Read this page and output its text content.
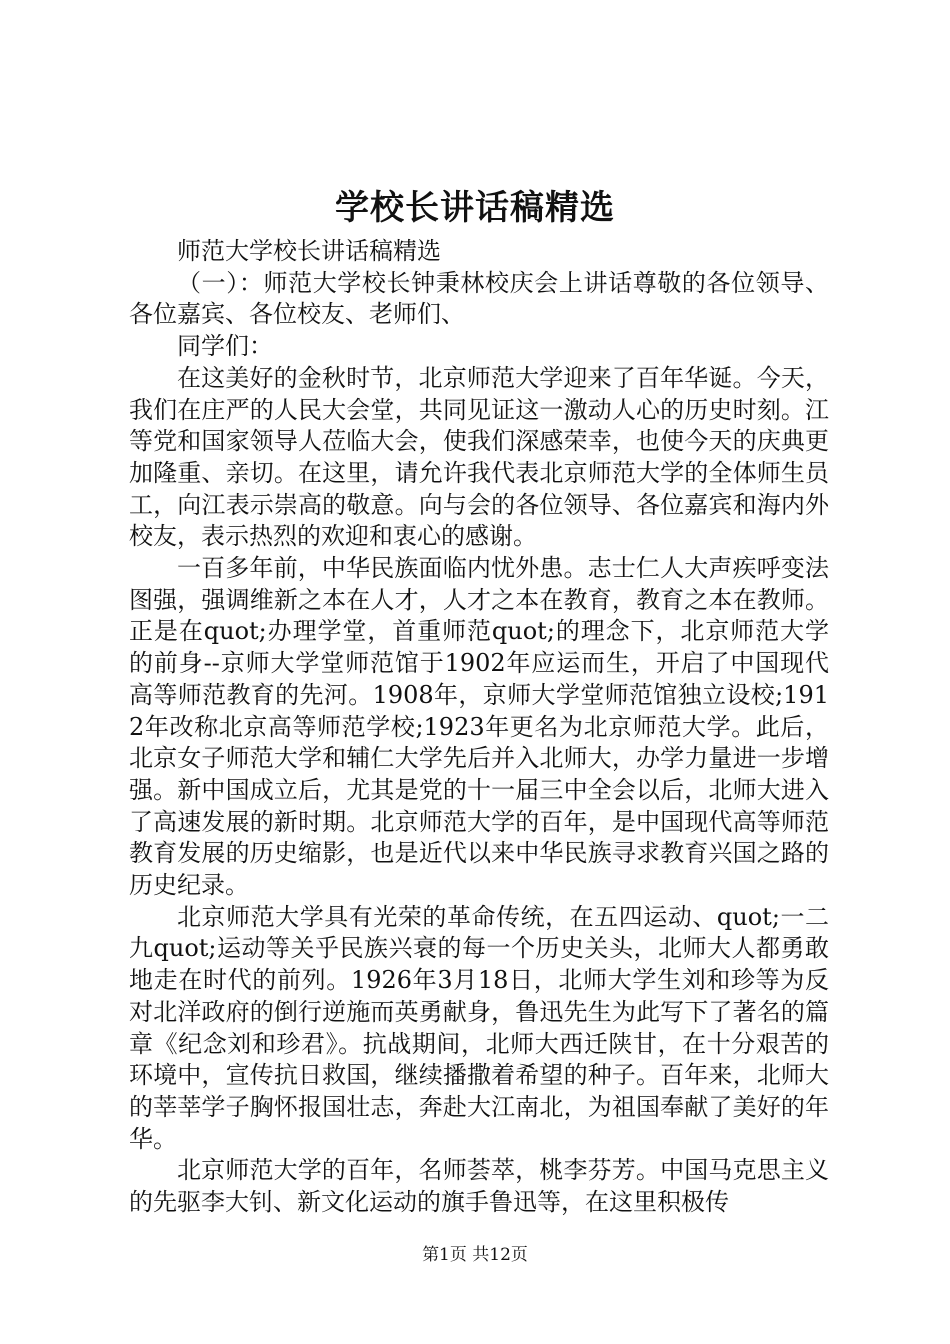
学校长讲话稿精选

师范大学校长讲话稿精选

（一）：师范大学校长钟秉林校庆会上讲话尊敬的各位领导、各位嘉宾、各位校友、老师们、

同学们：

在这美好的金秋时节，北京师范大学迎来了百年华诞。今天，我们在庄严的人民大会堂，共同见证这一激动人心的历史时刻。江等党和国家领导人莅临大会，使我们深感荣幸，也使今天的庆典更加隆重、亲切。在这里，请允许我代表北京师范大学的全体师生员工，向江表示崇高的敬意。向与会的各位领导、各位嘉宾和海内外校友，表示热烈的欢迎和衷心的感谢。

一百多年前，中华民族面临内忧外患。志士仁人大声疾呼变法图强，强调维新之本在人才，人才之本在教育，教育之本在教师。正是在quot;办理学堂，首重师范quot;的理念下，北京师范大学的前身--京师大学堂师范馆于1902年应运而生，开启了中国现代高等师范教育的先河。1908年，京师大学堂师范馆独立设校;1912年改称北京高等师范学校;1923年更名为北京师范大学。此后，北京女子师范大学和辅仁大学先后并入北师大，办学力量进一步增强。新中国成立后，尤其是党的十一届三中全会以后，北师大进入了高速发展的新时期。北京师范大学的百年，是中国现代高等师范教育发展的历史缩影，也是近代以来中华民族寻求教育兴国之路的历史纪录。

北京师范大学具有光荣的革命传统，在五四运动、quot;一二九quot;运动等关乎民族兴衰的每一个历史关头，北师大人都勇敢地走在时代的前列。1926年3月18日，北师大学生刘和珍等为反对北洋政府的倒行逆施而英勇献身，鲁迅先生为此写下了著名的篇章《纪念刘和珍君》。抗战期间，北师大西迁陕甘，在十分艰苦的环境中，宣传抗日救国，继续播撒着希望的种子。百年来，北师大的莘莘学子胸怀报国壮志，奔赴大江南北，为祖国奉献了美好的年华。

北京师范大学的百年，名师荟萃，桃李芬芳。中国马克思主义的先驱李大钊、新文化运动的旗手鲁迅等，在这里积极传

第1页 共12页
